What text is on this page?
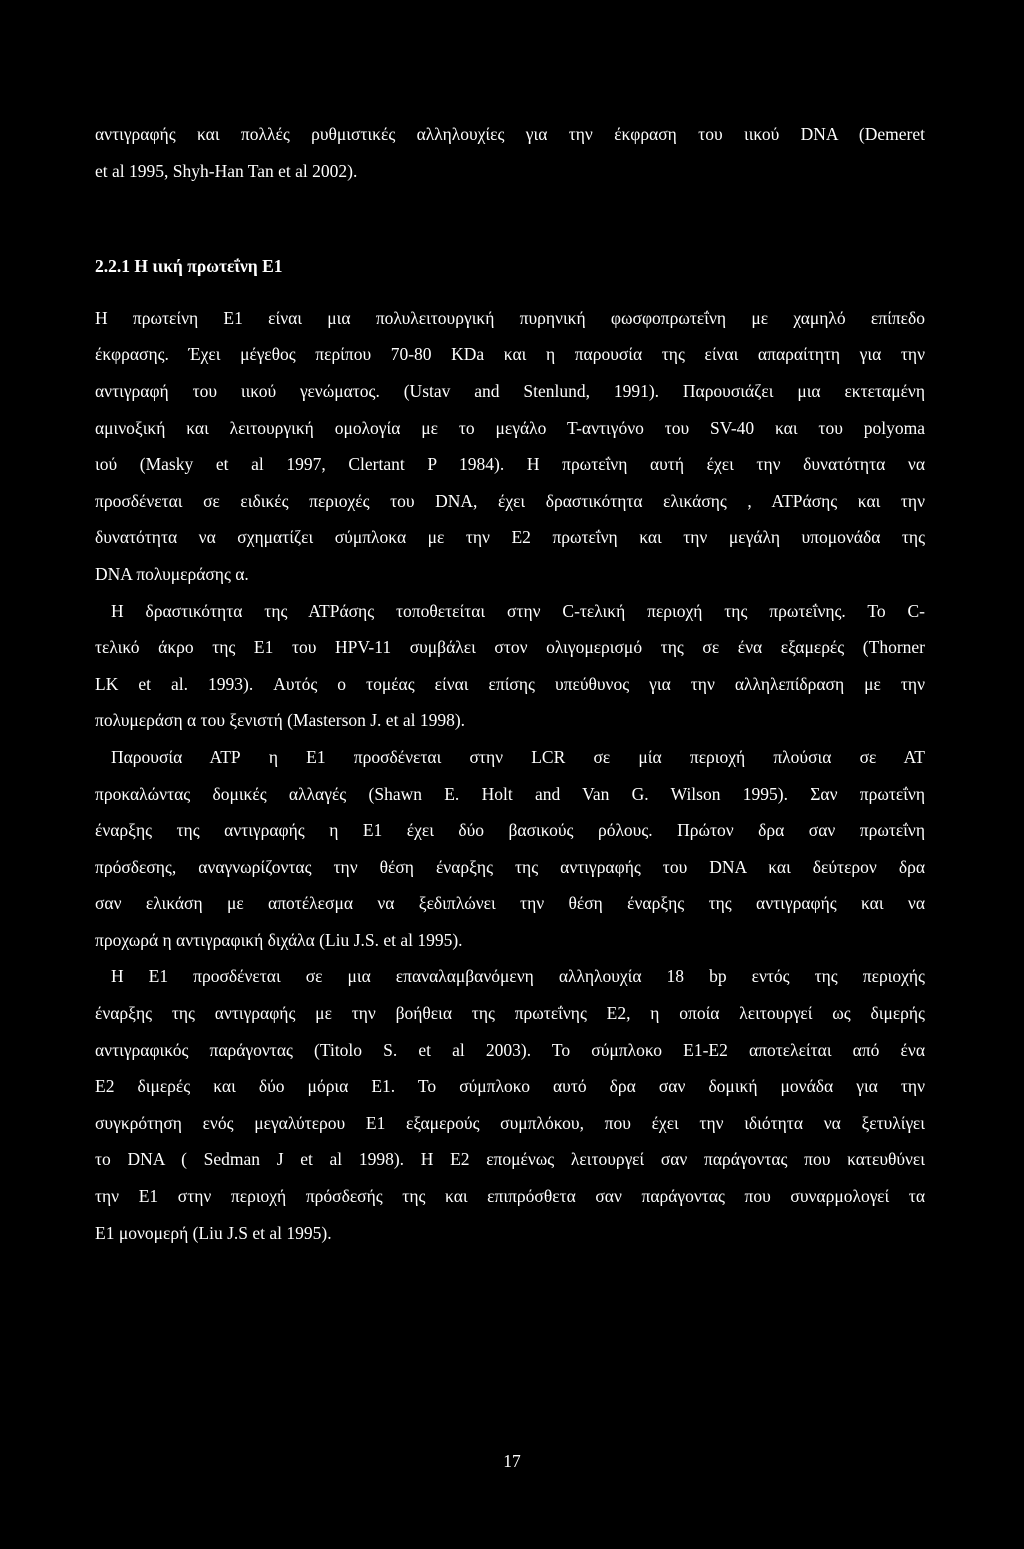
αντιγραφής και πολλές ρυθμιστικές αλληλουχίες για την έκφραση του ιικού DNA (Demeret
et al 1995, Shyh-Han Tan et al 2002).
2.2.1 Η ιική πρωτεΐνη Ε1
Η πρωτείνη Ε1 είναι μια πολυλειτουργική πυρηνική φωσφοπρωτεΐνη με χαμηλό επίπεδο
έκφρασης. Έχει μέγεθος περίπου 70-80 KDa και η παρουσία της είναι απαραίτητη για την
αντιγραφή του ιικού γενώματος. (Ustav and Stenlund, 1991). Παρουσιάζει μια εκτεταμένη
αμινοξική και λειτουργική ομολογία με το μεγάλο Τ-αντιγόνο του SV-40 και του polyoma
ιού (Masky et al 1997, Clertant P 1984). Η πρωτεΐνη αυτή έχει την δυνατότητα να
προσδένεται σε ειδικές περιοχές του DNA, έχει δραστικότητα ελικάσης , ΑΤΡάσης και την
δυνατότητα να σχηματίζει σύμπλοκα με την Ε2 πρωτεΐνη και την μεγάλη υπομονάδα της
DNA πολυμεράσης α.
Η δραστικότητα της ΑΤΡάσης τοποθετείται στην C-τελική περιοχή της πρωτεΐνης. Το C-
τελικό άκρο της Ε1 του HPV-11 συμβάλει στον ολιγομερισμό της σε ένα εξαμερές (Thorner
LK et al. 1993). Αυτός ο τομέας είναι επίσης υπεύθυνος για την αλληλεπίδραση με την
πολυμεράση α του ξενιστή (Masterson J. et al 1998).
Παρουσία ΑΤΡ η Ε1 προσδένεται στην LCR σε μία περιοχή πλούσια σε ΑΤ
προκαλώντας δομικές αλλαγές (Shawn E. Holt and Van G. Wilson 1995). Σαν πρωτεΐνη
έναρξης της αντιγραφής η Ε1 έχει δύο βασικούς ρόλους. Πρώτον δρα σαν πρωτεΐνη
πρόσδεσης, αναγνωρίζοντας την θέση έναρξης της αντιγραφής του DNA και δεύτερον δρα
σαν ελικάση με αποτέλεσμα να ξεδιπλώνει την θέση έναρξης της αντιγραφής και να
προχωρά η αντιγραφική διχάλα (Liu J.S. et al 1995).
Η Ε1 προσδένεται σε μια επαναλαμβανόμενη αλληλουχία 18 bp εντός της περιοχής
έναρξης της αντιγραφής με την βοήθεια της πρωτεΐνης Ε2, η οποία λειτουργεί ως διμερής
αντιγραφικός παράγοντας (Titolo S. et al 2003). Το σύμπλοκο Ε1-Ε2 αποτελείται από ένα
Ε2 διμερές και δύο μόρια Ε1. Το σύμπλοκο αυτό δρα σαν δομική μονάδα για την
συγκρότηση ενός μεγαλύτερου Ε1 εξαμερούς συμπλόκου, που έχει την ιδιότητα να ξετυλίγει
το DNA ( Sedman J et al 1998). Η Ε2 επομένως λειτουργεί σαν παράγοντας που κατευθύνει
την Ε1 στην περιοχή πρόσδεσής της και επιπρόσθετα σαν παράγοντας που συναρμολογεί τα
Ε1 μονομερή (Liu J.S et al 1995).
17
